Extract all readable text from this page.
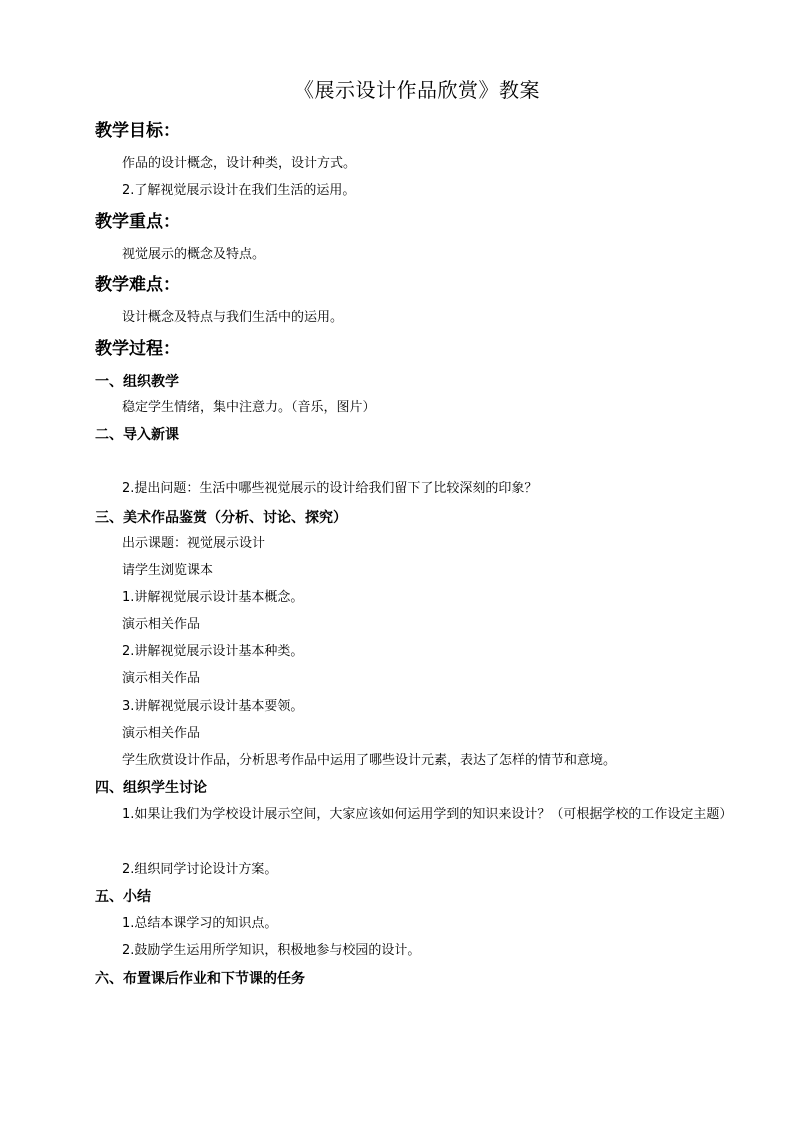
《展示设计作品欣赏》教案
教学目标：
作品的设计概念，设计种类，设计方式。
2.了解视觉展示设计在我们生活的运用。
教学重点：
视觉展示的概念及特点。
教学难点：
设计概念及特点与我们生活中的运用。
教学过程：
一、组织教学
稳定学生情绪，集中注意力。（音乐，图片）
二、导入新课
2.提出问题：生活中哪些视觉展示的设计给我们留下了比较深刻的印象？
三、美术作品鉴赏（分析、讨论、探究）
出示课题：视觉展示设计
请学生浏览课本
1.讲解视觉展示设计基本概念。
演示相关作品
2.讲解视觉展示设计基本种类。
演示相关作品
3.讲解视觉展示设计基本要领。
演示相关作品
学生欣赏设计作品，分析思考作品中运用了哪些设计元素，表达了怎样的情节和意境。
四、组织学生讨论
1.如果让我们为学校设计展示空间，大家应该如何运用学到的知识来设计？（可根据学校的工作设定主题）
2.组织同学讨论设计方案。
五、小结
1.总结本课学习的知识点。
2.鼓励学生运用所学知识，积极地参与校园的设计。
六、布置课后作业和下节课的任务
